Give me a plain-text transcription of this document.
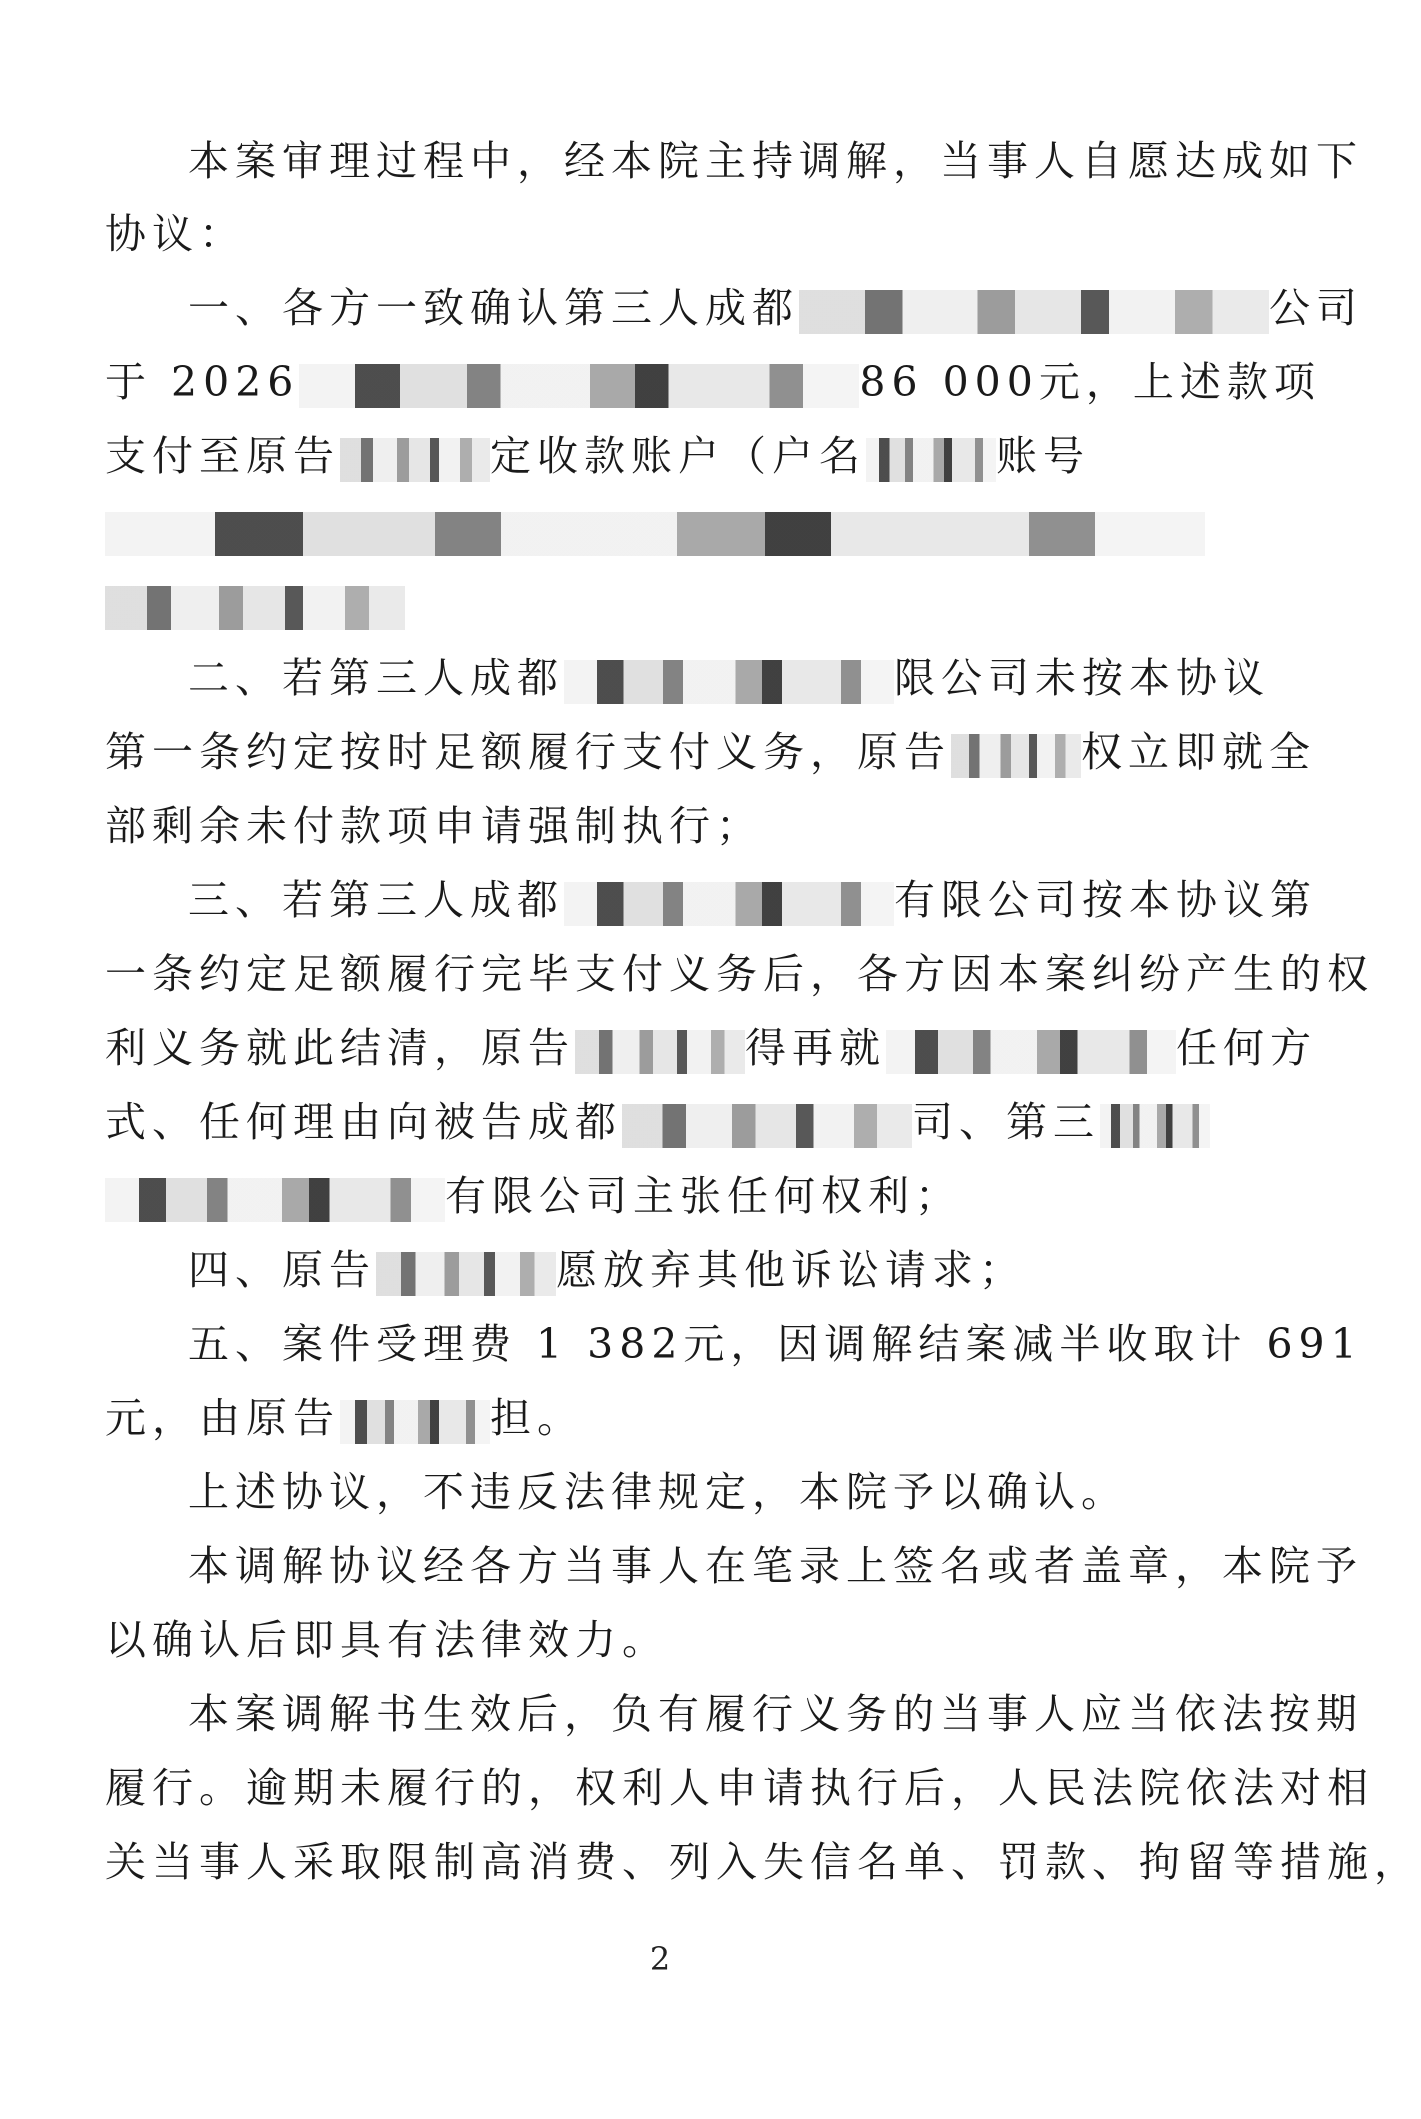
本案审理过程中，经本院主持调解，当事人自愿达成如下
协议：
一、各方一致确认第三人成都	公司
于 2026	86 000元，上述款项
支付至原告	定收款账户（户名	账号
二、若第三人成都	限公司未按本协议
第一条约定按时足额履行支付义务，原告	权立即就全
部剩余未付款项申请强制执行；
三、若第三人成都	有限公司按本协议第
一条约定足额履行完毕支付义务后，各方因本案纠纷产生的权
利义务就此结清，原告	得再就	任何方
式、任何理由向被告成都	司、第三
有限公司主张任何权利；
四、原告	愿放弃其他诉讼请求；
五、案件受理费 1 382元，因调解结案减半收取计 691
元，由原告	担。
上述协议，不违反法律规定，本院予以确认。
本调解协议经各方当事人在笔录上签名或者盖章，本院予
以确认后即具有法律效力。
本案调解书生效后，负有履行义务的当事人应当依法按期
履行。逾期未履行的，权利人申请执行后，人民法院依法对相
关当事人采取限制高消费、列入失信名单、罚款、拘留等措施，
2
